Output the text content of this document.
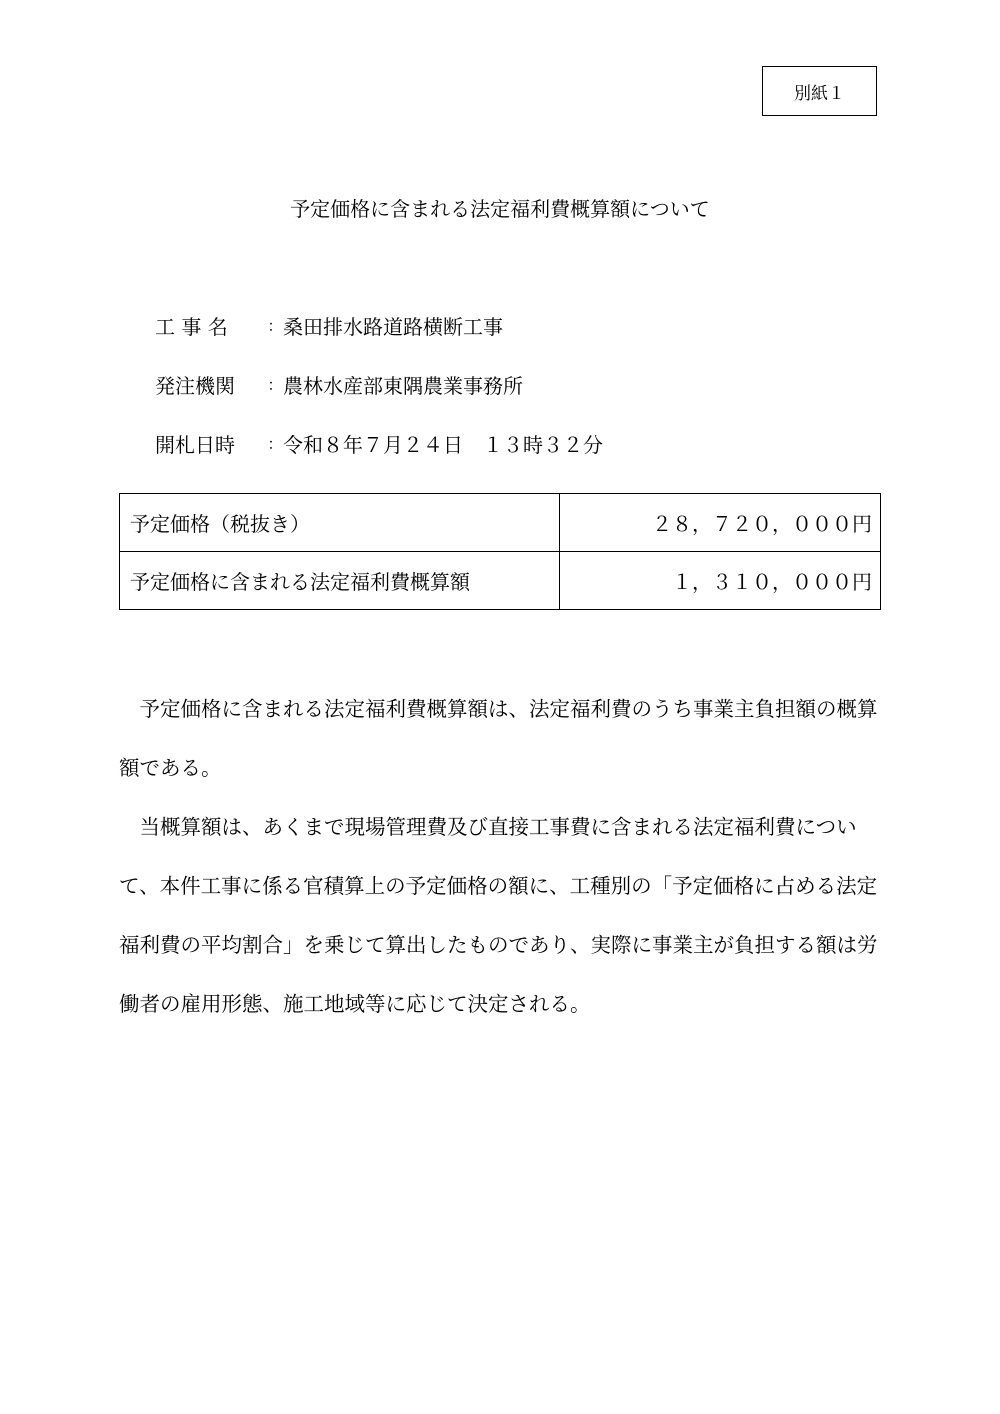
別紙１
予定価格に含まれる法定福利費概算額について
工 事 名	： 桑田排水路道路横断工事
発注機関	： 農林水産部東隅農業事務所
開札日時	： 令和８年７月２４日　１３時３２分
予定価格（税抜き）	２８，７２０，０００円
予定価格に含まれる法定福利費概算額	１，３１０，０００円

予定価格に含まれる法定福利費概算額は、法定福利費のうち事業主負担額の概算額である。

当概算額は、あくまで現場管理費及び直接工事費に含まれる法定福利費について、本件工事に係る官積算上の予定価格の額に、工種別の「予定価格に占める法定福利費の平均割合」を乗じて算出したものであり、実際に事業主が負担する額は労働者の雇用形態、施工地域等に応じて決定される。
